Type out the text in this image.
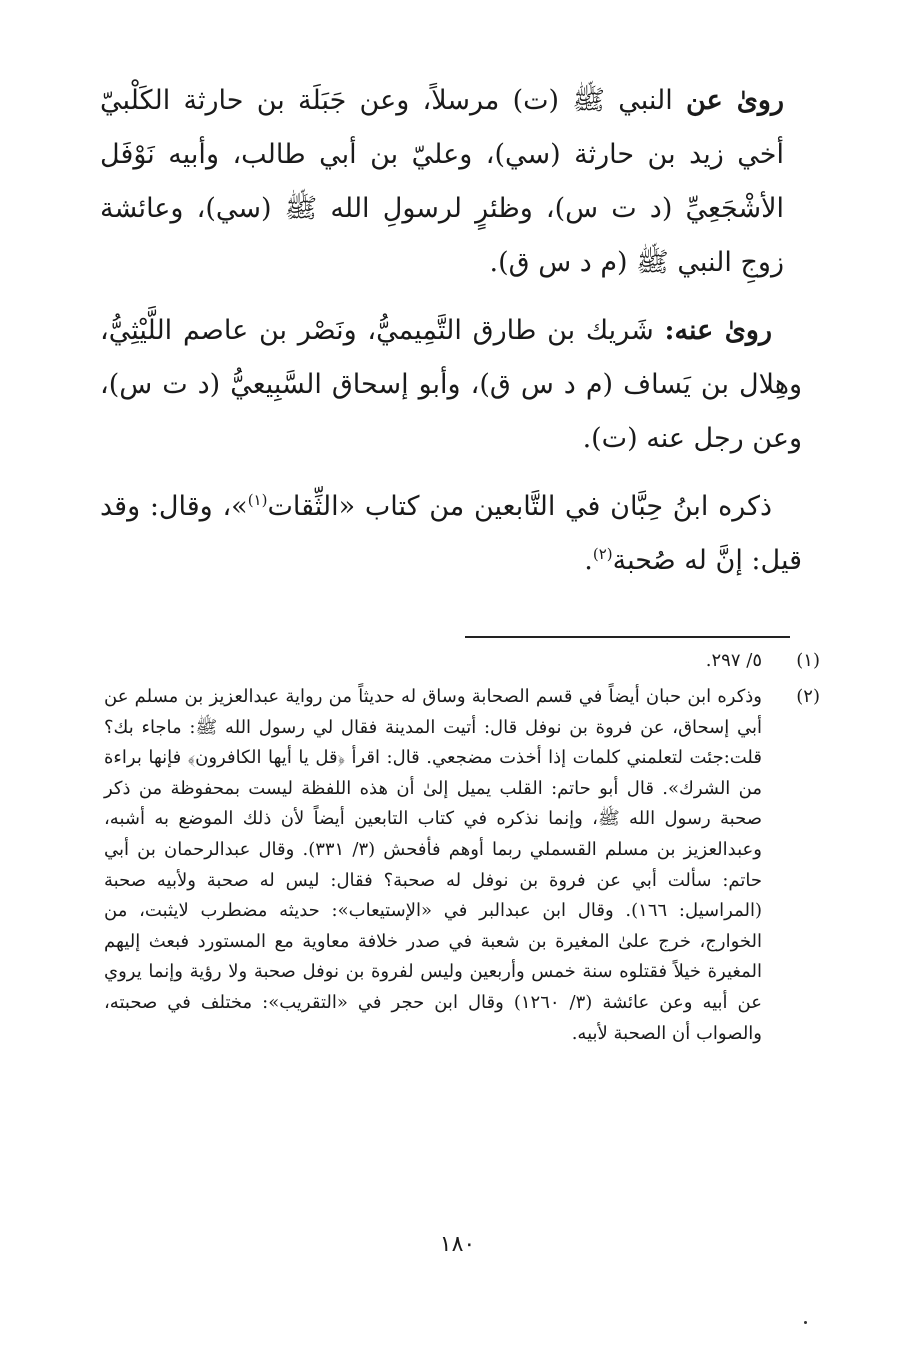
روىٰ عن النبي ﷺ (ت) مرسلاً، وعن جَبَلَة بن حارثة الكَلْبيّ أخي زيد بن حارثة (سي)، وعليّ بن أبي طالب، وأبيه نَوْفَل الأشْجَعِيِّ (د ت س)، وظئرٍ لرسولِ الله ﷺ (سي)، وعائشة زوجِ النبي ﷺ (م د س ق).

روىٰ عنه: شَريك بن طارق التَّمِيميُّ، ونَصْر بن عاصم اللَّيْثِيُّ، وهِلال بن يَساف (م د س ق)، وأبو إسحاق السَّبِيعيُّ (د ت س)، وعن رجل عنه (ت).

ذكره ابنُ حِبَّان في التَّابعين من كتاب «الثِّقات$^{(١)}$»، وقال: وقد قيل: إنَّ له صُحبة$^{(٢)}$.

(١)
٥/ ٢٩٧.
(٢)
وذكره ابن حبان أيضاً في قسم الصحابة وساق له حديثاً من رواية عبدالعزيز بن مسلم عن أبي إسحاق، عن فروة بن نوفل قال: أتيت المدينة فقال لي رسول الله ﷺ: ماجاء بك؟ قلت:جئت لتعلمني كلمات إذا أخذت مضجعي. قال: اقرأ ﴿قل يا أيها الكافرون﴾ فإنها براءة من الشرك». قال أبو حاتم: القلب يميل إلىٰ أن هذه اللفظة ليست بمحفوظة من ذكر صحبة رسول الله ﷺ، وإنما نذكره في كتاب التابعين أيضاً لأن ذلك الموضع به أشبه، وعبدالعزيز بن مسلم القسملي ربما أوهم فأفحش (٣/ ٣٣١). وقال عبدالرحمان بن أبي حاتم: سألت أبي عن فروة بن نوفل له صحبة؟ فقال: ليس له صحبة ولأبيه صحبة (المراسيل: ١٦٦). وقال ابن عبدالبر في «الإستيعاب»: حديثه مضطرب لايثبت، من الخوارج، خرج علىٰ المغيرة بن شعبة في صدر خلافة معاوية مع المستورد فبعث إليهم المغيرة خيلاً فقتلوه سنة خمس وأربعين وليس لفروة بن نوفل صحبة ولا رؤية وإنما يروي عن أبيه وعن عائشة (٣/ ١٢٦٠) وقال ابن حجر في «التقريب»: مختلف في صحبته، والصواب أن الصحبة لأبيه.
١٨٠
